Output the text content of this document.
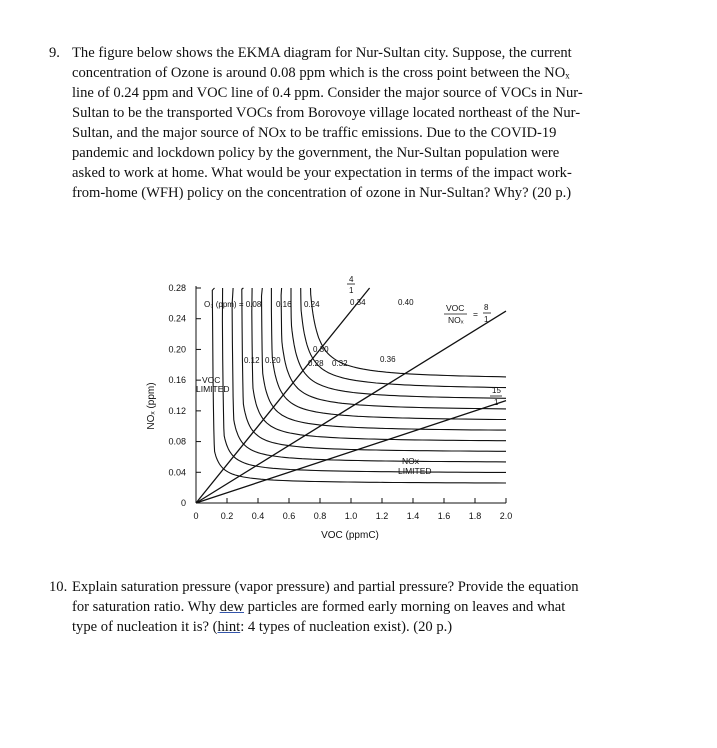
9. The figure below shows the EKMA diagram for Nur-Sultan city. Suppose, the current
concentration of Ozone is around 0.08 ppm which is the cross point between the NOₓ
line of 0.24 ppm and VOC line of 0.4 ppm. Consider the major source of VOCs in Nur-
Sultan to be the transported VOCs from Borovoye village located northeast of the Nur-
Sultan, and the major source of NOx to be traffic emissions. Due to the COVID-19
pandemic and lockdown policy by the government, the Nur-Sultan population were
asked to work at home. What would be your expectation in terms of the impact work-
from-home (WFH) policy on the concentration of ozone in Nur-Sultan? Why? (20 p.)
0 0.2 0.4 0.6 0.8 1.0 1.2 1.4 1.6 1.8 2.0
0
0.04
0.08
0.12
0.16
0.20
0.24
0.28
NOₓ (ppm)
VOC (ppmC)
O₃ (ppm) = 0.08 0.16 0.24	0.34	0.40
0.12 0.20
0.30
0.28 0.32	0.36
VOC
NOₓ
=
8
1
4
1
15
1
VOC
LIMITED
NOx
LIMITED
10. Explain saturation pressure (vapor pressure) and partial pressure? Provide the equation
for saturation ratio. Why dew particles are formed early morning on leaves and what
type of nucleation it is? (hint: 4 types of nucleation exist). (20 p.)
